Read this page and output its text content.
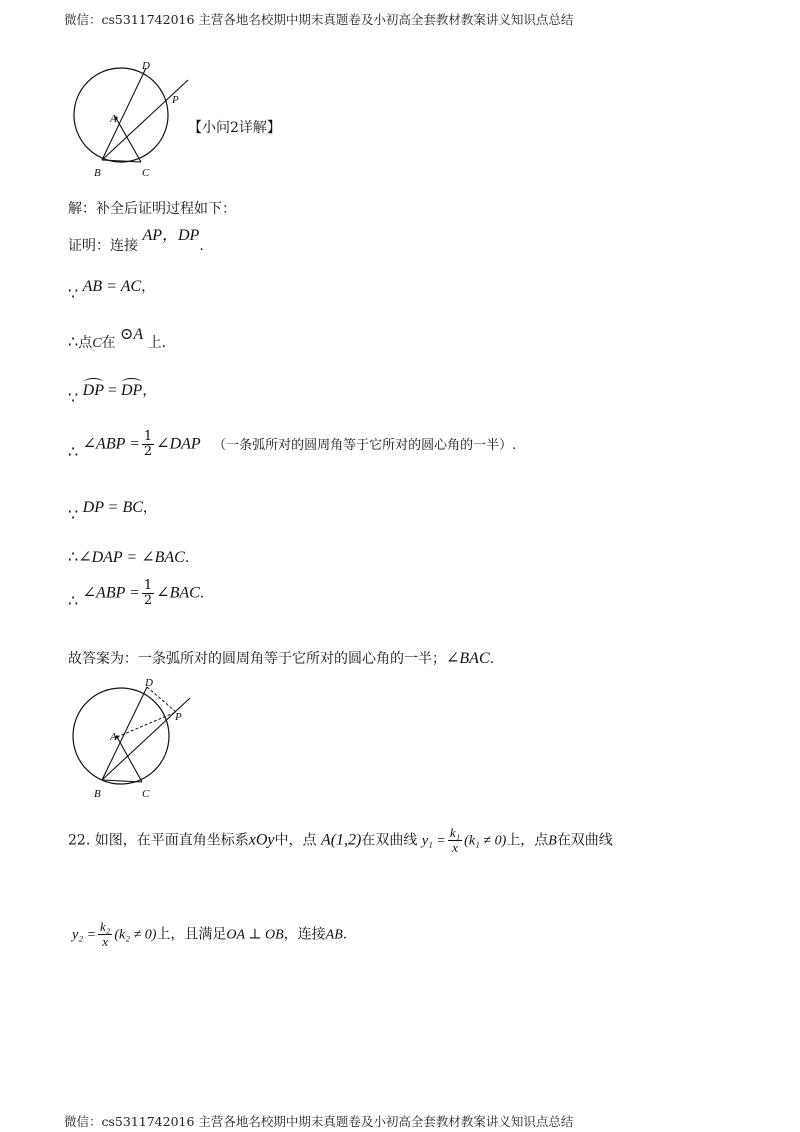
微信：cs5311742016 主营各地名校期中期末真题卷及小初高全套教材教案讲义知识点总结
D
A
P
B	C
【小问2详解】
解：补全后证明过程如下：
证明：连接 AP，DP.
∵ AB = AC，
∴点C在 ⊙A 上.
∵ DP = DP，
∴ ∠ABP = $\frac{1}{2}$ ∠DAP （一条弧所对的圆周角等于它所对的圆心角的一半）.
∵ DP = BC，
∴∠DAP = ∠BAC.
∴ ∠ABP = $\frac{1}{2}$ ∠BAC.
故答案为：一条弧所对的圆周角等于它所对的圆心角的一半；∠BAC.
D
A
P
B	C
22. 如图，在平面直角坐标系xOy中，点 A(1,2)在双曲线 $y_1 = \frac{\text{k₁}}{x} (k_1 \ne 0)$上，点B在双曲线
$y_2 = \frac{\text{k₂}}{x} (k_2 \ne 0)$上，且满足OA ⊥ OB，连接AB.
微信：cs5311742016 主营各地名校期中期末真题卷及小初高全套教材教案讲义知识点总结
